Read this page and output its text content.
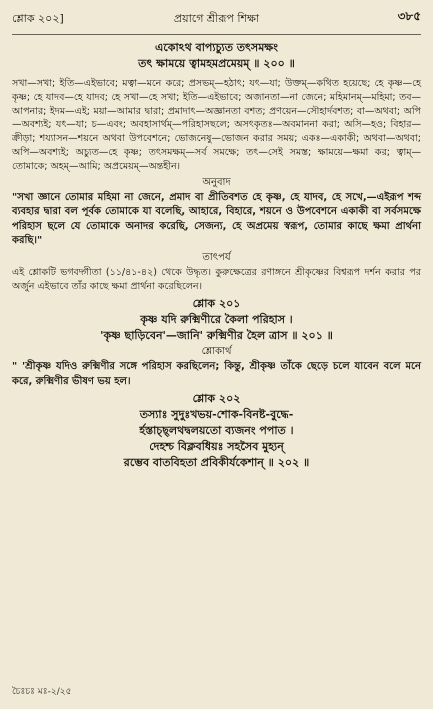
শ্লোক ২০২]	প্রয়াগে শ্রীরূপ শিক্ষা	৩৮৫
একোঽথ বাপ্যচ্যুত তৎসমক্ষং
তৎ ক্ষাময়ে ত্বামহমপ্রমেয়ম্ ॥ ২০০ ॥
সখা—সখা; ইতি—এইভাবে; মত্বা—মনে করে; প্রসভম্—হঠাৎ; যৎ—যা; উক্তম্—কথিত হয়েছে; হে কৃষ্ণ—হে কৃষ্ণ; হে যাদব—হে যাদব; হে সখা—হে সখা; ইতি—এইভাবে; অজানতা—না জেনে; মহিমানম্—মহিমা; তব—আপনার; ইদম—এই; ময়া—আমার দ্বারা; প্রমাদাৎ—অজ্ঞানতা বশত; প্রণয়েন—সৌহার্দবশত; বা—অথবা; অপি—অবশ্যই; যৎ—যা; চ—এবং; অবহাসার্থম্—পরিহাসছলে; অসৎকৃতঃ—অবমাননা করা; অসি—হও; বিহার—ক্রীড়া; শয্যাসন—শয়নে অথবা উপবেশনে; ভোজনেষু—ভোজন করার সময়; একঃ—একাকী; অথবা—অথবা; অপি—অবশ্যই; অচ্যুত—হে কৃষ্ণ; তৎসমক্ষম্—সর্ব সমক্ষে; তৎ—সেই সমস্ত; ক্ষাময়ে—ক্ষমা কর; ত্বাম্—তোমাকে; অহম্—আমি; অপ্রমেয়ম্—অন্তহীন।
অনুবাদ
"সখা জ্ঞানে তোমার মহিমা না জেনে, প্রমাদ বা প্রীতিবশত হে কৃষ্ণ, হে যাদব, হে সখে,—এইরূপ শব্দ ব্যবহার দ্বারা বল পূর্বক তোমাকে যা বলেছি, আহারে, বিহারে, শয়নে ও উপবেশনে একাকী বা সর্বসমক্ষে পরিহাস ছলে যে তোমাকে অনাদর করেছি, সেজন্য, হে অপ্রমেয় স্বরূপ, তোমার কাছে ক্ষমা প্রার্থনা করছি।"
তাৎপর্য
এই শ্লোকটি ভগবদ্গীতা (১১/৪১-৪২) থেকে উদ্ধৃত। কুরুক্ষেত্রের রণাঙ্গনে শ্রীকৃষ্ণের বিশ্বরূপ দর্শন করার পর অর্জুন এইভাবে তাঁর কাছে ক্ষমা প্রার্থনা করেছিলেন।
শ্লোক ২০১
কৃষ্ণ যদি রুক্মিণীরে কৈলা পরিহাস ।
'কৃষ্ণ ছাড়িবেন'—জানি' রুক্মিণীর হৈল ত্রাস ॥ ২০১ ॥
শ্লোকার্থ
" 'শ্রীকৃষ্ণ যদিও রুক্মিণীর সঙ্গে পরিহাস করছিলেন; কিন্তু, শ্রীকৃষ্ণ তাঁকে ছেড়ে চলে যাবেন বলে মনে করে, রুক্মিণীর ভীষণ ভয় হল।
শ্লোক ২০২
তস্যাঃ সুদুঃখভয়-শোক-বিনষ্ট-বুদ্ধে-
র্হস্তাচ্ছ্লথদ্বলয়তো ব্যজনং পপাত ।
দেহশ্চ বিক্লবধিয়ঃ সহসৈব মুহ্যন্
রম্ভেব বাতবিহতা প্রবিকীর্যকেশান্ ॥ ২০২ ॥
চৈঃচঃ মঃ-২/২৫
